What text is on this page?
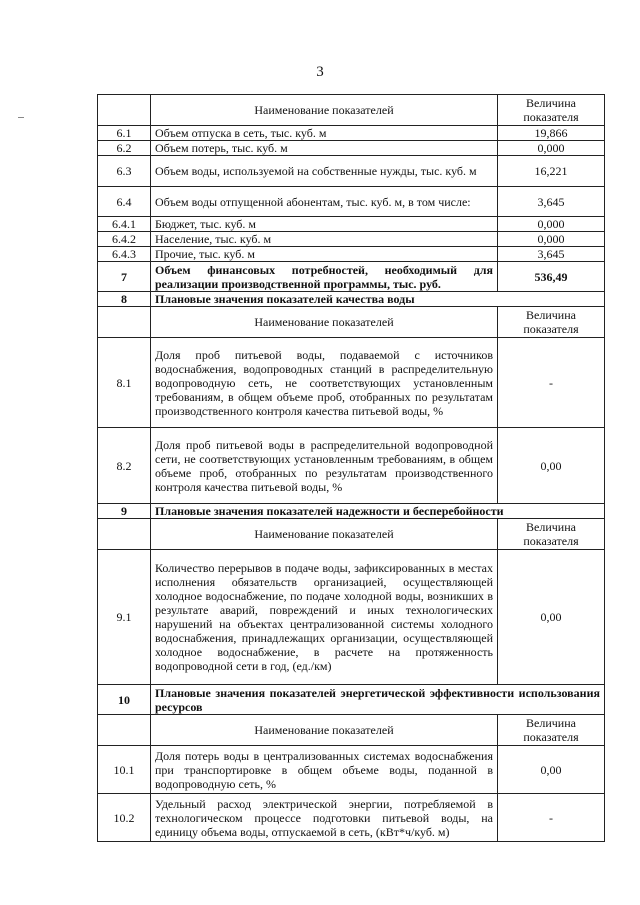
3
	Наименование показателей	Величина показателя
6.1	Объем отпуска в сеть, тыс. куб. м	19,866
6.2	Объем потерь, тыс. куб. м	0,000
6.3	Объем воды, используемой на собственные нужды, тыс. куб. м	16,221
6.4	Объем воды отпущенной абонентам, тыс. куб. м, в том числе:	3,645
6.4.1	Бюджет, тыс. куб. м	0,000
6.4.2	Население, тыс. куб. м	0,000
6.4.3	Прочие, тыс. куб. м	3,645
7	Объем финансовых потребностей, необходимый для реализации производственной программы, тыс. руб.	536,49
8	Плановые значения показателей качества воды	
	Наименование показателей	Величина показателя
8.1	Доля проб питьевой воды, подаваемой с источников водоснабжения, водопроводных станций в распределительную водопроводную сеть, не соответствующих установленным требованиям, в общем объеме проб, отобранных по результатам производственного контроля качества питьевой воды, %	-
8.2	Доля проб питьевой воды в распределительной водопроводной сети, не соответствующих установленным требованиям, в общем объеме проб, отобранных по результатам производственного контроля качества питьевой воды, %	0,00
9	Плановые значения показателей надежности и бесперебойности	
	Наименование показателей	Величина показателя
9.1	Количество перерывов в подаче воды, зафиксированных в местах исполнения обязательств организацией, осуществляющей холодное водоснабжение, по подаче холодной воды, возникших в результате аварий, повреждений и иных технологических нарушений на объектах централизованной системы холодного водоснабжения, принадлежащих организации, осуществляющей холодное водоснабжение, в расчете на протяженность водопроводной сети в год, (ед./км)	0,00
10	Плановые значения показателей энергетической эффективности использования ресурсов	
	Наименование показателей	Величина показателя
10.1	Доля потерь воды в централизованных системах водоснабжения при транспортировке в общем объеме воды, поданной в водопроводную сеть, %	0,00
10.2	Удельный расход электрической энергии, потребляемой в технологическом процессе подготовки питьевой воды, на единицу объема воды, отпускаемой в сеть, (кВт*ч/куб. м)	-
